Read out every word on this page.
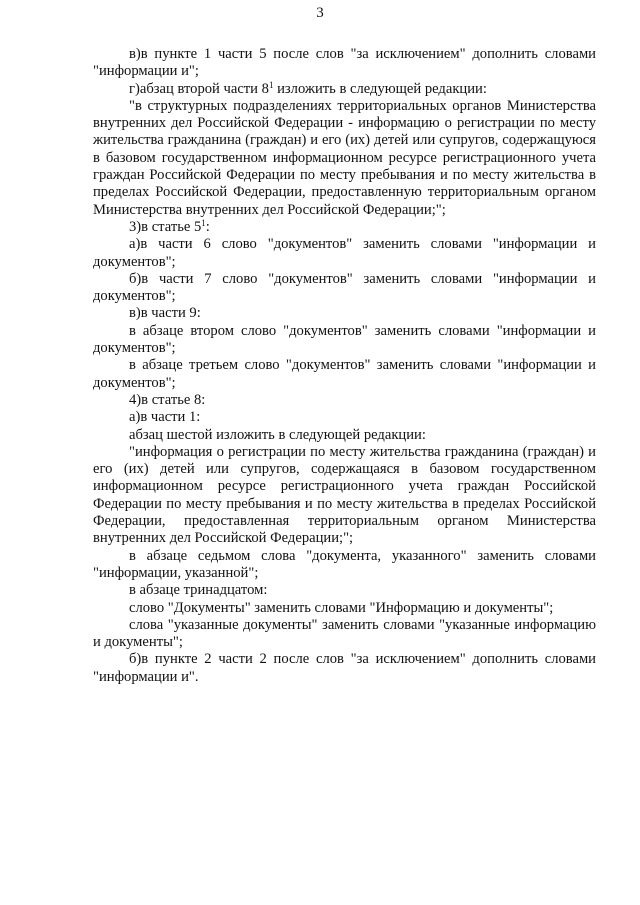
3

в)в пункте 1 части 5 после слов "за исключением" дополнить словами "информации и";

г)абзац второй части $8^1$ изложить в следующей редакции:

"в структурных подразделениях территориальных органов Министерства внутренних дел Российской Федерации - информацию о регистрации по месту жительства гражданина (граждан) и его (их) детей или супругов, содержащуюся в базовом государственном информационном ресурсе регистрационного учета граждан Российской Федерации по месту пребывания и по месту жительства в пределах Российской Федерации, предоставленную территориальным органом Министерства внутренних дел Российской Федерации;";

3)в статье $5^1$:

а)в части 6 слово "документов" заменить словами "информации и документов";

б)в части 7 слово "документов" заменить словами "информации и документов";

в)в части 9:

в абзаце втором слово "документов" заменить словами "информации и документов";

в абзаце третьем слово "документов" заменить словами "информации и документов";

4)в статье 8:

а)в части 1:

абзац шестой изложить в следующей редакции:

"информация о регистрации по месту жительства гражданина (граждан) и его (их) детей или супругов, содержащаяся в базовом государственном информационном ресурсе регистрационного учета граждан Российской Федерации по месту пребывания и по месту жительства в пределах Российской Федерации, предоставленная территориальным органом Министерства внутренних дел Российской Федерации;";

в абзаце седьмом слова "документа, указанного" заменить словами "информации, указанной";

в абзаце тринадцатом:

слово "Документы" заменить словами "Информацию и документы";

слова "указанные документы" заменить словами "указанные информацию и документы";

б)в пункте 2 части 2 после слов "за исключением" дополнить словами "информации и".
